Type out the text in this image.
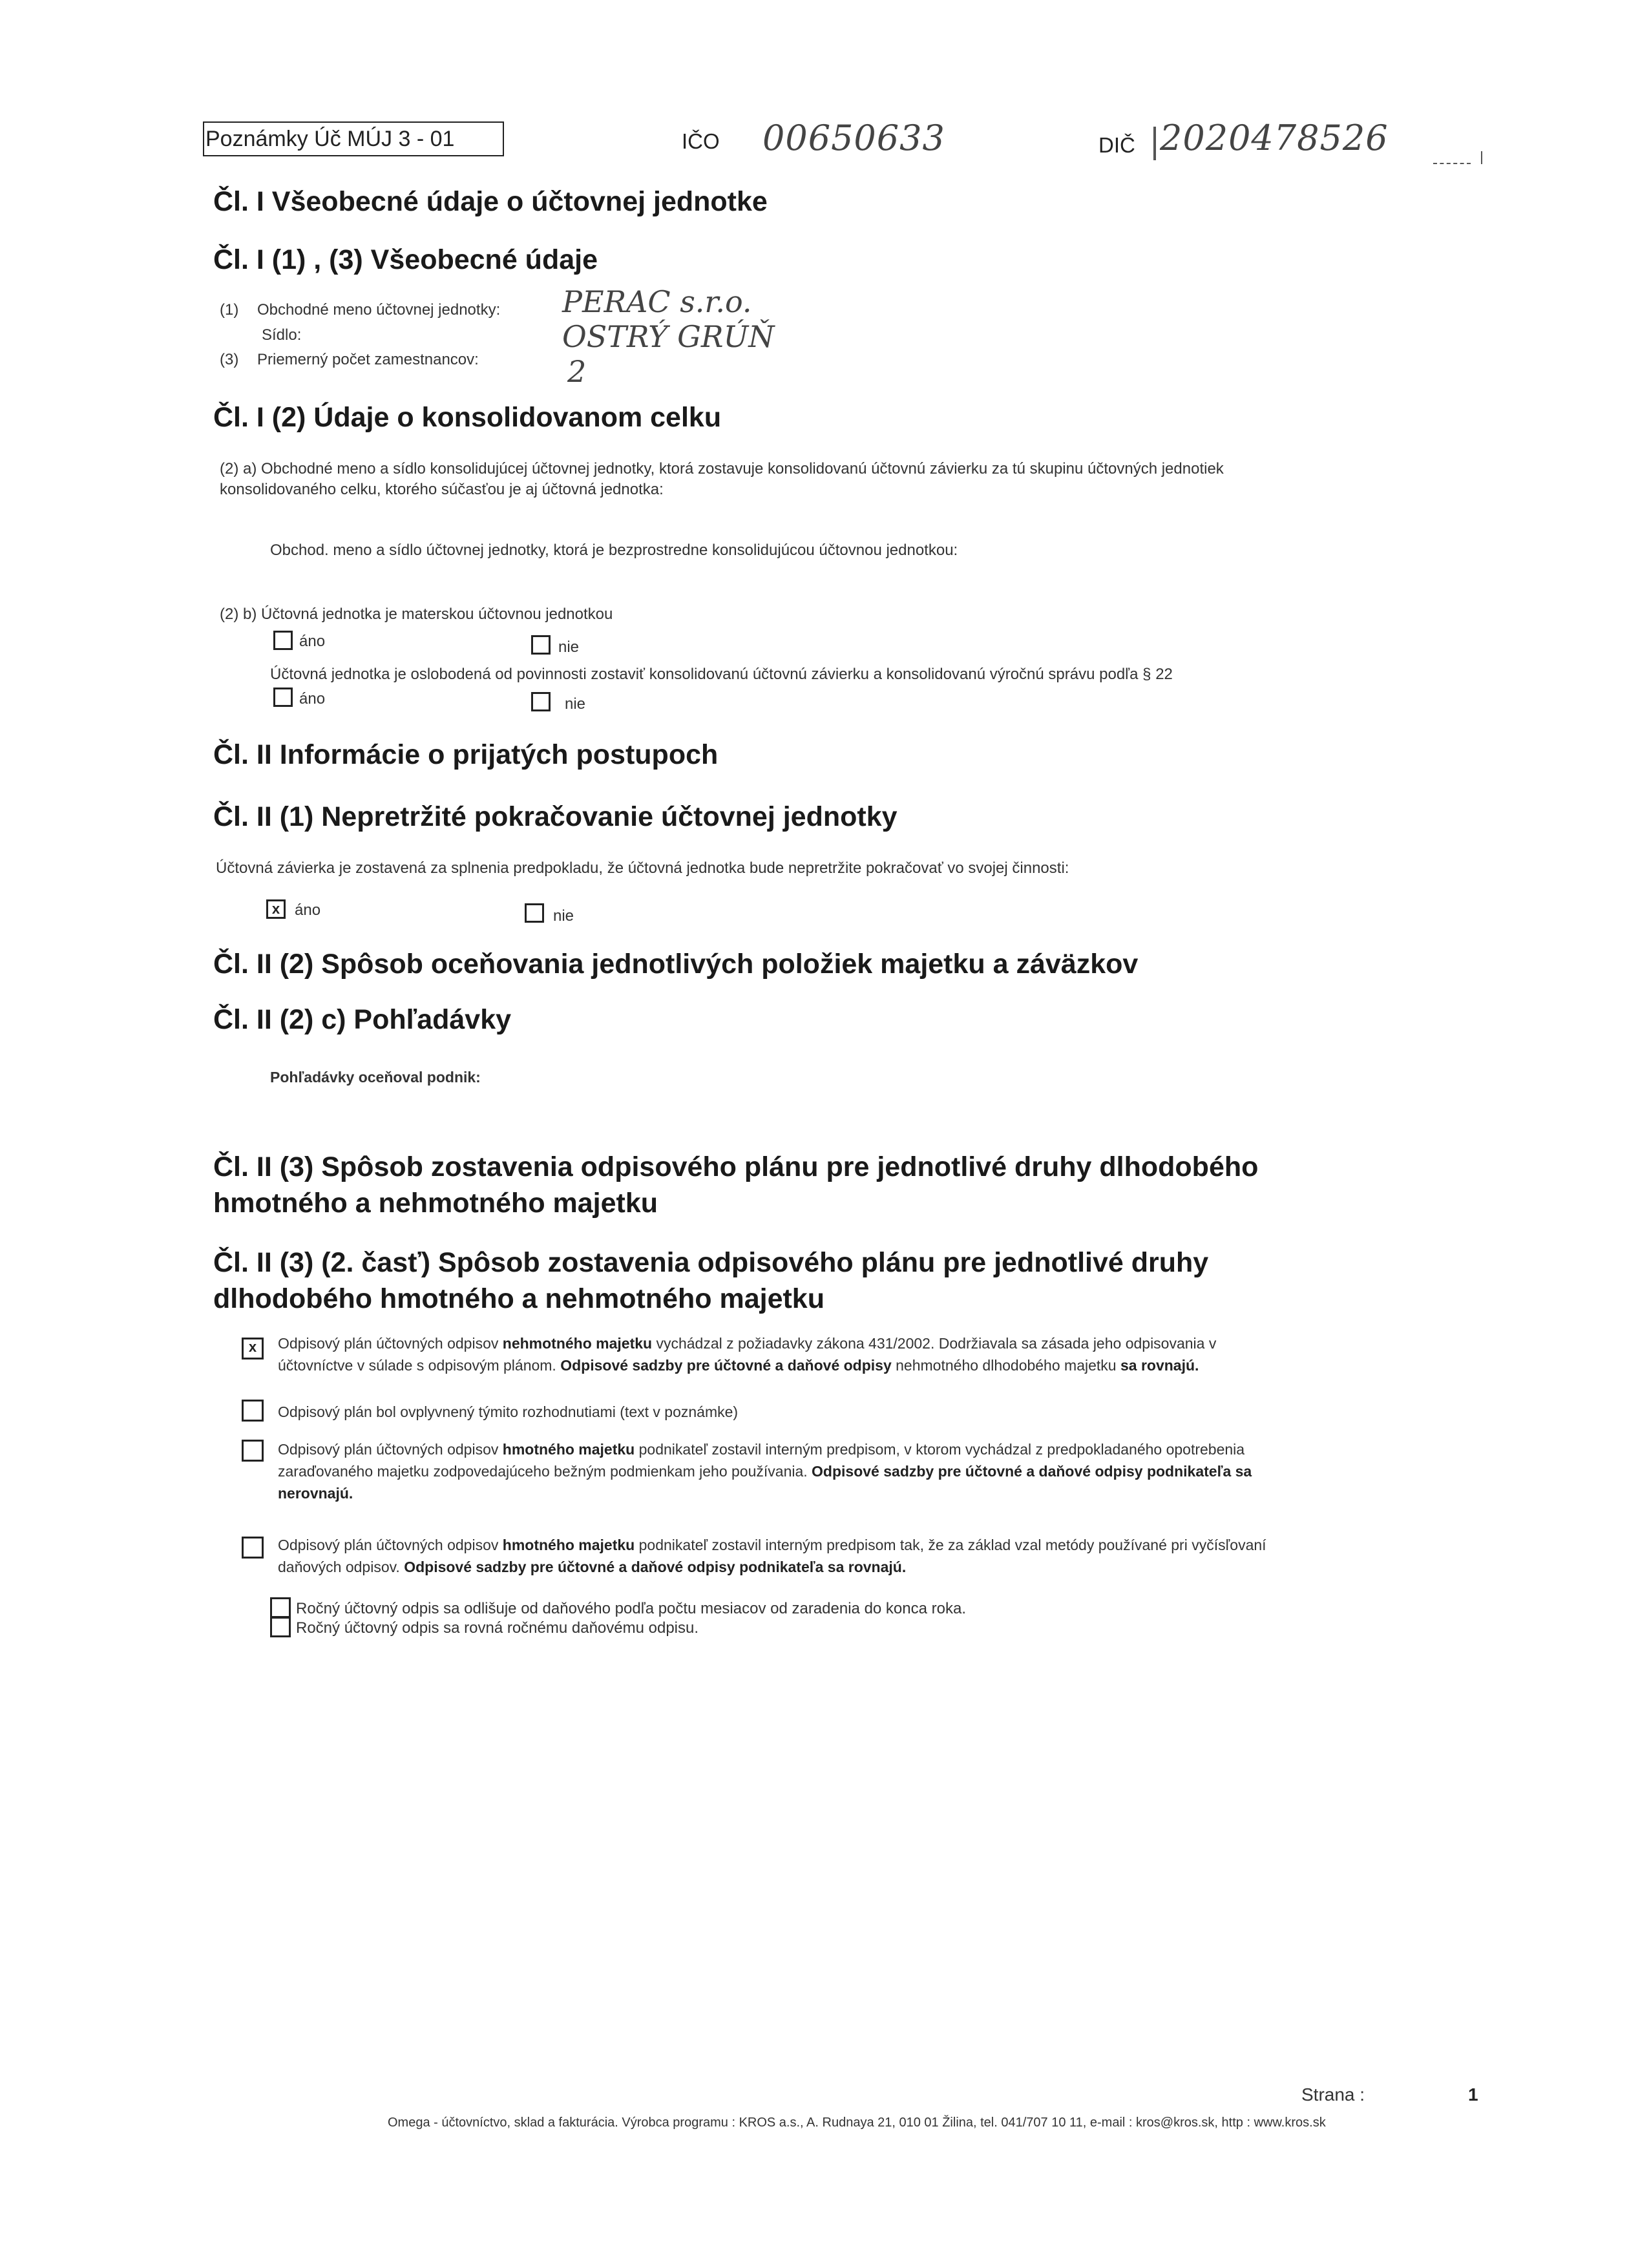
Poznámky Úč MÚJ 3 - 01	IČO 00650633	DIČ 2020478526
Čl. I Všeobecné údaje o účtovnej jednotke
Čl. I (1) , (3) Všeobecné údaje
(1) Obchodné meno účtovnej jednotky: PERAC s.r.o.
Sídlo:	OSTRÝ GRÚŇ
(3) Priemerný počet zamestnancov:	2
Čl. I (2) Údaje o konsolidovanom celku
(2) a) Obchodné meno a sídlo konsolidujúcej účtovnej jednotky, ktorá zostavuje konsolidovanú účtovnú závierku za tú skupinu účtovných jednotiek
konsolidovaného celku, ktorého súčasťou je aj účtovná jednotka:
Obchod. meno a sídlo účtovnej jednotky, ktorá je bezprostredne konsolidujúcou účtovnou jednotkou:
(2) b) Účtovná jednotka je materskou účtovnou jednotkou
áno	nie
Účtovná jednotka je oslobodená od povinnosti zostaviť konsolidovanú účtovnú závierku a konsolidovanú výročnú správu podľa § 22
áno	nie
Čl. II Informácie o prijatých postupoch
Čl. II (1) Nepretržité pokračovanie účtovnej jednotky
Účtovná závierka je zostavená za splnenia predpokladu, že účtovná jednotka bude nepretržite pokračovať vo svojej činnosti:
x áno	nie
Čl. II (2) Spôsob oceňovania jednotlivých položiek majetku a záväzkov
Čl. II (2) c) Pohľadávky
Pohľadávky oceňoval podnik:
Čl. II (3) Spôsob zostavenia odpisového plánu pre jednotlivé druhy dlhodobého
hmotného a nehmotného majetku
Čl. II (3) (2. časť) Spôsob zostavenia odpisového plánu pre jednotlivé druhy
dlhodobého hmotného a nehmotného majetku
x	Odpisový plán účtovných odpisov nehmotného majetku vychádzal z požiadavky zákona 431/2002. Dodržiavala sa zásada jeho odpisovania v
účtovníctve v súlade s odpisovým plánom. Odpisové sadzby pre účtovné a daňové odpisy nehmotného dlhodobého majetku sa rovnajú.
Odpisový plán bol ovplyvnený týmito rozhodnutiami (text v poznámke)
Odpisový plán účtovných odpisov hmotného majetku podnikateľ zostavil interným predpisom, v ktorom vychádzal z predpokladaného opotrebenia
zaraďovaného majetku zodpovedajúceho bežným podmienkam jeho používania. Odpisové sadzby pre účtovné a daňové odpisy podnikateľa sa
nerovnajú.
Odpisový plán účtovných odpisov hmotného majetku podnikateľ zostavil interným predpisom tak, že za základ vzal metódy používané pri vyčísľovaní
daňových odpisov. Odpisové sadzby pre účtovné a daňové odpisy podnikateľa sa rovnajú.
Ročný účtovný odpis sa odlišuje od daňového podľa počtu mesiacov od zaradenia do konca roka.
Ročný účtovný odpis sa rovná ročnému daňovému odpisu.
Strana :	1
Omega - účtovníctvo, sklad a fakturácia. Výrobca programu : KROS a.s., A. Rudnaya 21, 010 01 Žilina, tel. 041/707 10 11, e-mail : kros@kros.sk, http : www.kros.sk
